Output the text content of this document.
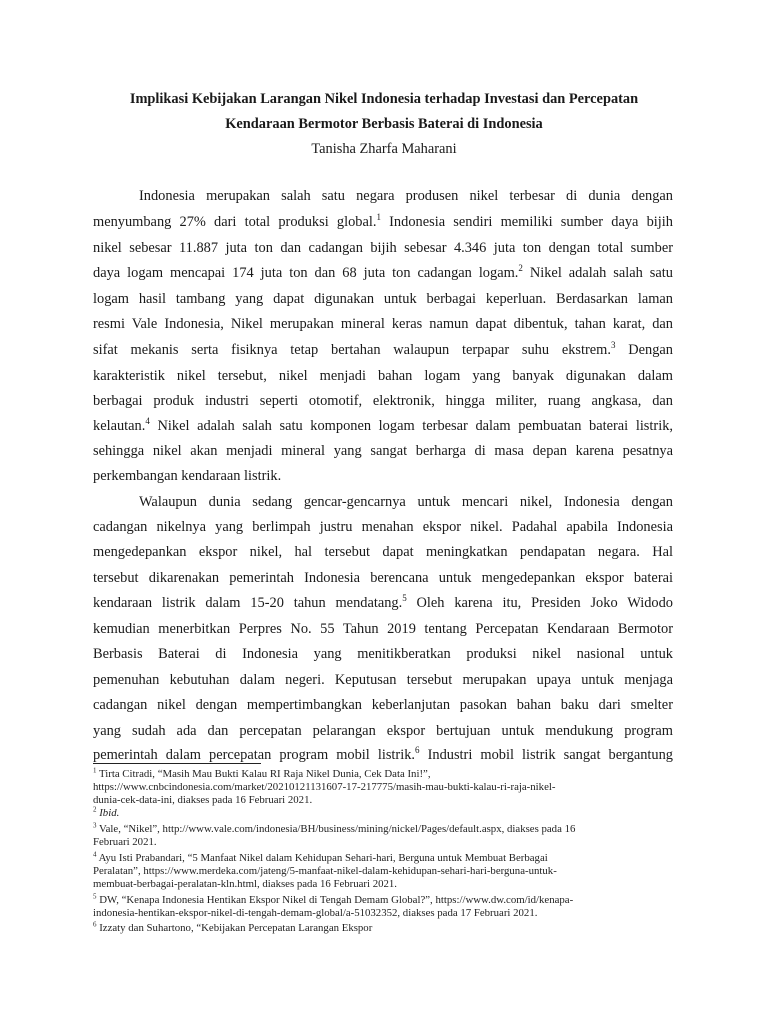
Implikasi Kebijakan Larangan Nikel Indonesia terhadap Investasi dan Percepatan
Kendaraan Bermotor Berbasis Baterai di Indonesia
Tanisha Zharfa Maharani
Indonesia merupakan salah satu negara produsen nikel terbesar di dunia dengan
menyumbang 27% dari total produksi global.$^1$ Indonesia sendiri memiliki sumber daya bijih
nikel sebesar 11.887 juta ton dan cadangan bijih sebesar 4.346 juta ton dengan total sumber
daya logam mencapai 174 juta ton dan 68 juta ton cadangan logam.$^2$ Nikel adalah salah satu
logam hasil tambang yang dapat digunakan untuk berbagai keperluan. Berdasarkan laman
resmi Vale Indonesia, Nikel merupakan mineral keras namun dapat dibentuk, tahan karat, dan
sifat mekanis serta fisiknya tetap bertahan walaupun terpapar suhu ekstrem.$^3$ Dengan
karakteristik nikel tersebut, nikel menjadi bahan logam yang banyak digunakan dalam
berbagai produk industri seperti otomotif, elektronik, hingga militer, ruang angkasa, dan
kelautan.$^4$ Nikel adalah salah satu komponen logam terbesar dalam pembuatan baterai listrik,
sehingga nikel akan menjadi mineral yang sangat berharga di masa depan karena pesatnya
perkembangan kendaraan listrik.
Walaupun dunia sedang gencar-gencarnya untuk mencari nikel, Indonesia dengan
cadangan nikelnya yang berlimpah justru menahan ekspor nikel. Padahal apabila Indonesia
mengedepankan ekspor nikel, hal tersebut dapat meningkatkan pendapatan negara. Hal
tersebut dikarenakan pemerintah Indonesia berencana untuk mengedepankan ekspor baterai
kendaraan listrik dalam 15-20 tahun mendatang.$^5$ Oleh karena itu, Presiden Joko Widodo
kemudian menerbitkan Perpres No. 55 Tahun 2019 tentang Percepatan Kendaraan Bermotor
Berbasis Baterai di Indonesia yang menitikberatkan produksi nikel nasional untuk
pemenuhan kebutuhan dalam negeri. Keputusan tersebut merupakan upaya untuk menjaga
cadangan nikel dengan mempertimbangkan keberlanjutan pasokan bahan baku dari smelter
yang sudah ada dan percepatan pelarangan ekspor bertujuan untuk mendukung program
pemerintah dalam percepatan program mobil listrik.$^6$ Industri mobil listrik sangat bergantung
$^1$ Tirta Citradi, “Masih Mau Bukti Kalau RI Raja Nikel Dunia, Cek Data Ini!”,
https://www.cnbcindonesia.com/market/20210121131607-17-217775/masih-mau-bukti-kalau-ri-raja-nikel-
dunia-cek-data-ini, diakses pada 16 Februari 2021.
$^2$ Ibid.
$^3$ Vale, “Nikel”, http://www.vale.com/indonesia/BH/business/mining/nickel/Pages/default.aspx, diakses pada 16
Februari 2021.
$^4$ Ayu Isti Prabandari, “5 Manfaat Nikel dalam Kehidupan Sehari-hari, Berguna untuk Membuat Berbagai
Peralatan”, https://www.merdeka.com/jateng/5-manfaat-nikel-dalam-kehidupan-sehari-hari-berguna-untuk-
membuat-berbagai-peralatan-kln.html, diakses pada 16 Februari 2021.
$^5$ DW, “Kenapa Indonesia Hentikan Ekspor Nikel di Tengah Demam Global?”, https://www.dw.com/id/kenapa-
indonesia-hentikan-ekspor-nikel-di-tengah-demam-global/a-51032352, diakses pada 17 Februari 2021.
$^6$ Izzaty dan Suhartono, “Kebijakan Percepatan Larangan Ekspor
